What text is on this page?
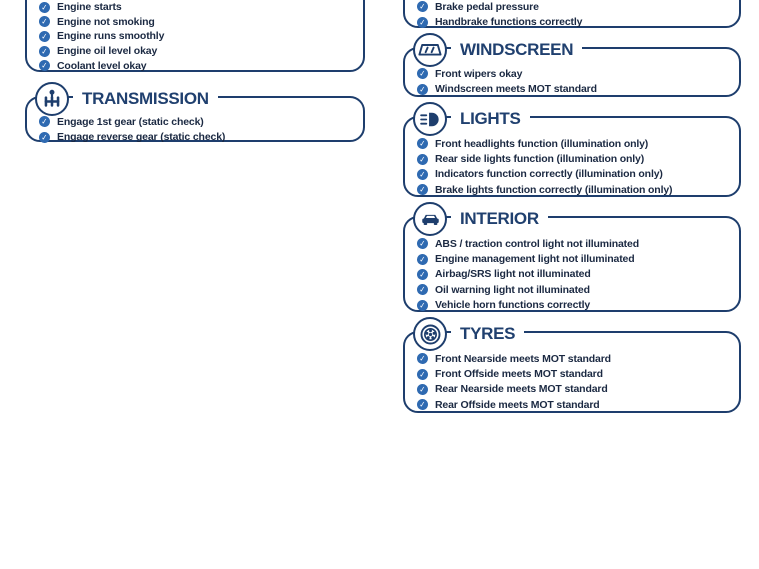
✓ Engine starts
✓ Engine not smoking
✓ Engine runs smoothly
✓ Engine oil level okay
✓ Coolant level okay
TRANSMISSION
✓ Engage 1st gear (static check)
✓ Engage reverse gear (static check)
✓ Brake pedal pressure
✓ Handbrake functions correctly
WINDSCREEN
✓ Front wipers okay
✓ Windscreen meets MOT standard
LIGHTS
✓ Front headlights function (illumination only)
✓ Rear side lights function (illumination only)
✓ Indicators function correctly (illumination only)
✓ Brake lights function correctly (illumination only)
INTERIOR
✓ ABS / traction control light not illuminated
✓ Engine management light not illuminated
✓ Airbag/SRS light not illuminated
✓ Oil warning light not illuminated
✓ Vehicle horn functions correctly
TYRES
✓ Front Nearside meets MOT standard
✓ Front Offside meets MOT standard
✓ Rear Nearside meets MOT standard
✓ Rear Offside meets MOT standard
